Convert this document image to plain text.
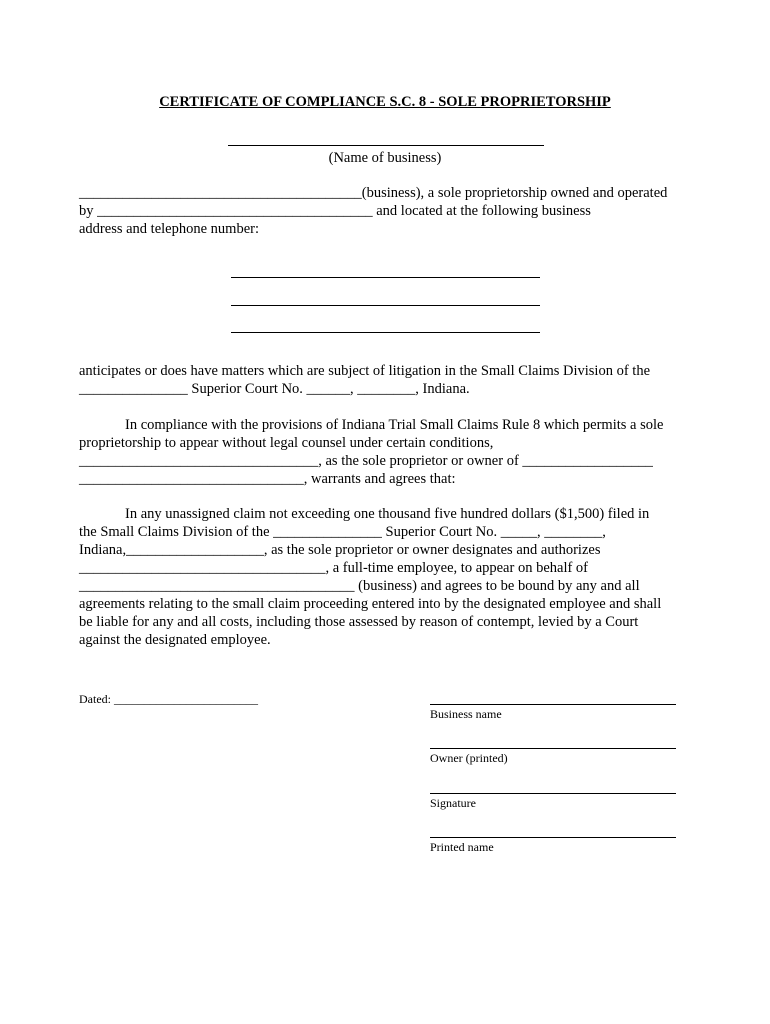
CERTIFICATE OF COMPLIANCE S.C. 8 - SOLE PROPRIETORSHIP
(Name of business)
_______________________________________(business), a sole proprietorship owned and operated
by ______________________________________ and located at the following business
address and telephone number:
anticipates or does have matters which are subject of litigation in the Small Claims Division of the
_______________ Superior Court No. ______, ________, Indiana.
In compliance with the provisions of Indiana Trial Small Claims Rule 8 which permits a sole
proprietorship to appear without legal counsel under certain conditions,
_________________________________, as the sole proprietor or owner of __________________
_______________________________, warrants and agrees that:
In any unassigned claim not exceeding one thousand five hundred dollars ($1,500) filed in
the Small Claims Division of the _______________ Superior Court No. _____, ________,
Indiana,___________________, as the sole proprietor or owner designates and authorizes
__________________________________, a full-time employee, to appear on behalf of
______________________________________ (business) and agrees to be bound by any and all
agreements relating to the small claim proceeding entered into by the designated employee and shall
be liable for any and all costs, including those assessed by reason of contempt, levied by a Court
against the designated employee.
Dated: ________________________
Business name
Owner (printed)
Signature
Printed name
